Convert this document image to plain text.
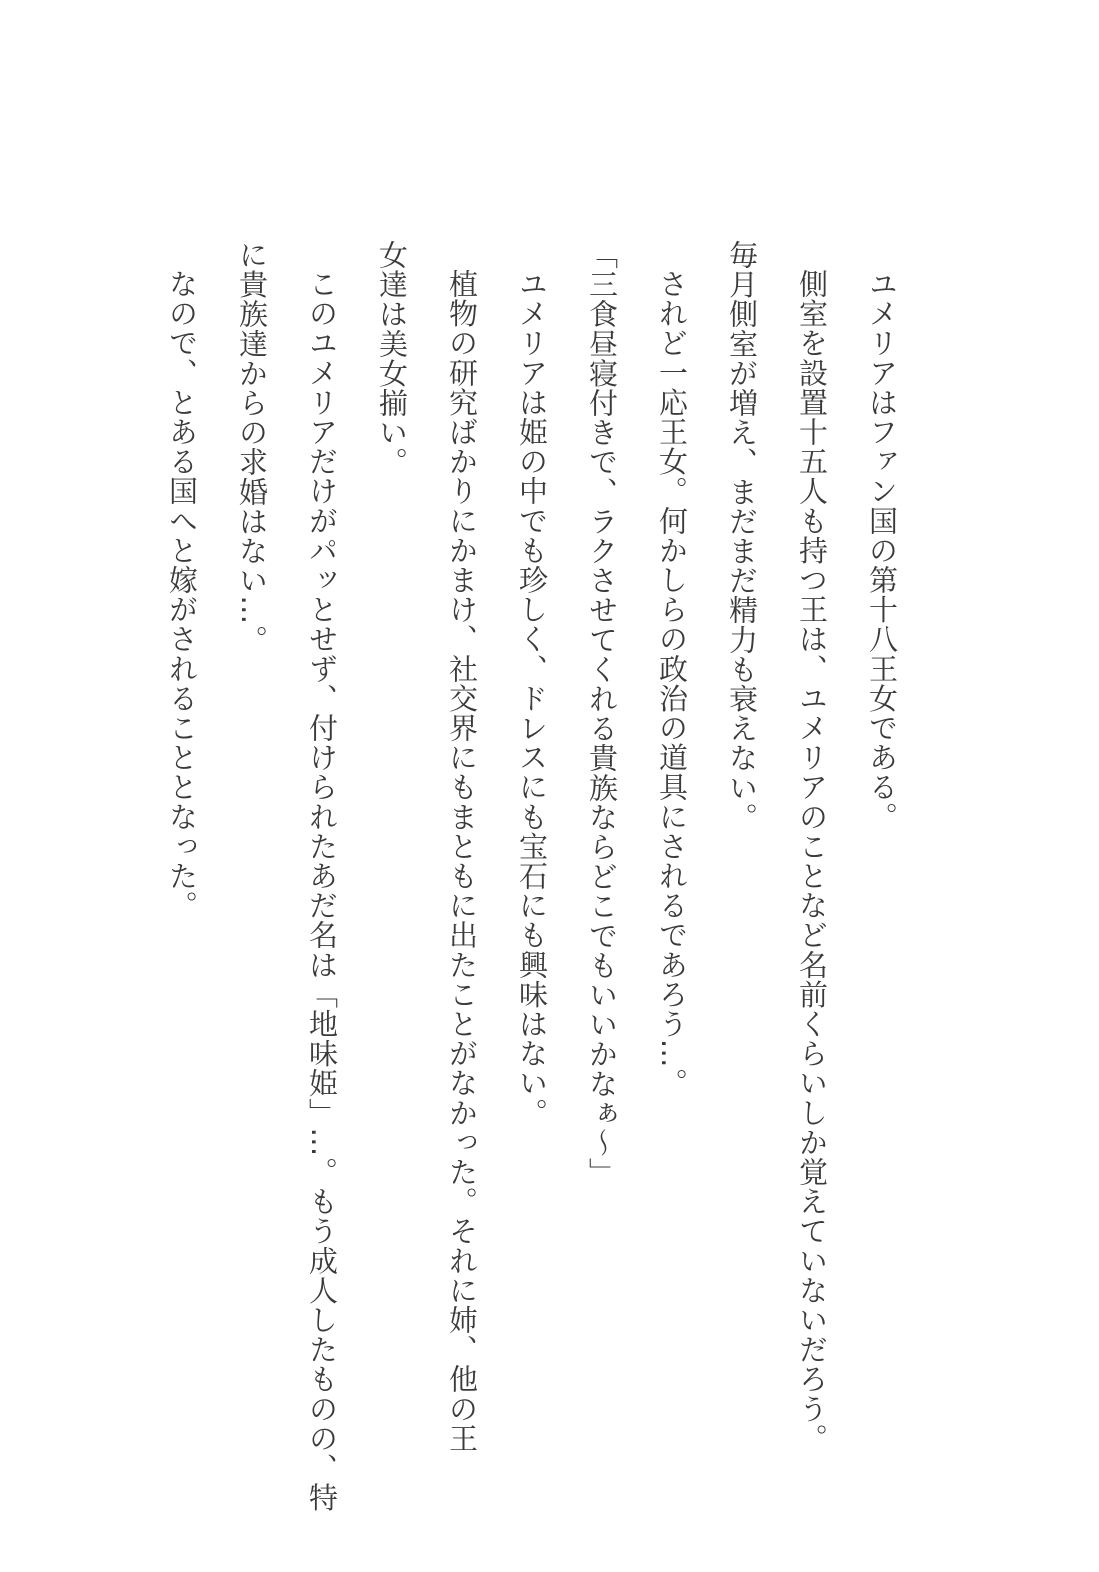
ユメリアはファン国の第十八王女である。
側室を設置十五人も持つ王は、ユメリアのことなど名前くらいしか覚えていないだろう。
毎月側室が増え、まだまだ精力も衰えない。
されど一応王女。何かしらの政治の道具にされるであろう…。
「三食昼寝付きで、ラクさせてくれる貴族ならどこでもいいかなぁ～」
ユメリアは姫の中でも珍しく、ドレスにも宝石にも興味はない。
植物の研究ばかりにかまけ、社交界にもまともに出たことがなかった。それに姉、他の王
女達は美女揃い。
このユメリアだけがパッとせず、付けられたあだ名は「地味姫」…。もう成人したものの、特
に貴族達からの求婚はない…。
なので、とある国へと嫁がされることとなった。
